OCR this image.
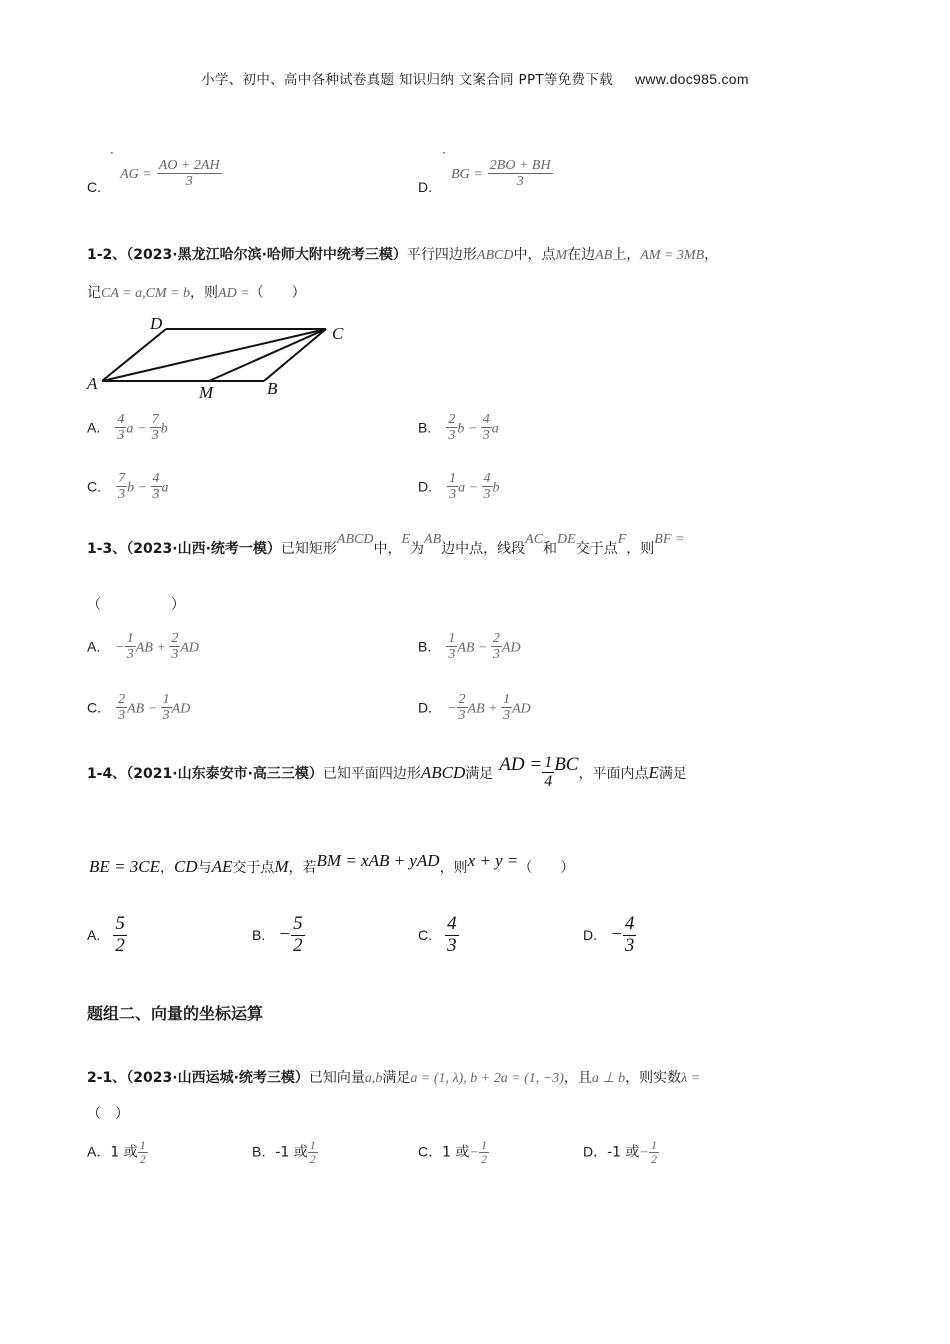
小学、初中、高中各种试卷真题 知识归纳 文案合同 PPT等免费下载 www.doc985.com
·	·
C. AG = $\frac{AO + 2AH}{3}$	D. BG = $\frac{2BO + BH}{3}$
1-2、（2023·黑龙江哈尔滨·哈师大附中统考三模）平行四边形ABCD中，点M在边AB上，AM = 3MB，
记CA = a,CM = b，则AD =（　　）
A	B
C
D
M
A. $\frac{4}{3}$ $a - \frac{7}{3}$ b	B. $\frac{2}{3}$ $b - \frac{4}{3}$ a
C. $\frac{7}{3}$ $b - \frac{4}{3}$ a	D. $\frac{1}{3}$ $a - \frac{4}{3}$ b
1-3、（2023·山西·统考一模）已知矩形ABCD中，E为AB边中点，线段AC和DE交于点F，则BF =
（　　　　　）
A. − $\frac{1}{3}$ AB + $\frac{2}{3}$ AD	B. $\frac{1}{3}$ AB − $\frac{2}{3}$ AD
C. $\frac{2}{3}$ AB − $\frac{1}{3}$ AD	D. − $\frac{2}{3}$ AB + $\frac{1}{3}$ AD
1-4、（2021·山东泰安市·高三三模）已知平面四边形ABCD满足 AD = $\frac{1}{4}$ BC，平面内点E满足
BE = 3CE，CD与AE交于点M，若BM = xAB + yAD，则x + y =（　　）
A. $\frac{5}{2}$	B. − $\frac{5}{2}$	C. $\frac{4}{3}$	D. − $\frac{4}{3}$
题组二、向量的坐标运算
2-1、（2023·山西运城·统考三模）已知向量a,b满足a = (1, λ), b + 2a = (1, −3)，且a ⊥ b，则实数λ =
（　）
A．1 或 $\frac{1}{2}$	B．-1 或 $\frac{1}{2}$	C．1 或− $\frac{1}{2}$	D．-1 或− $\frac{1}{2}$
